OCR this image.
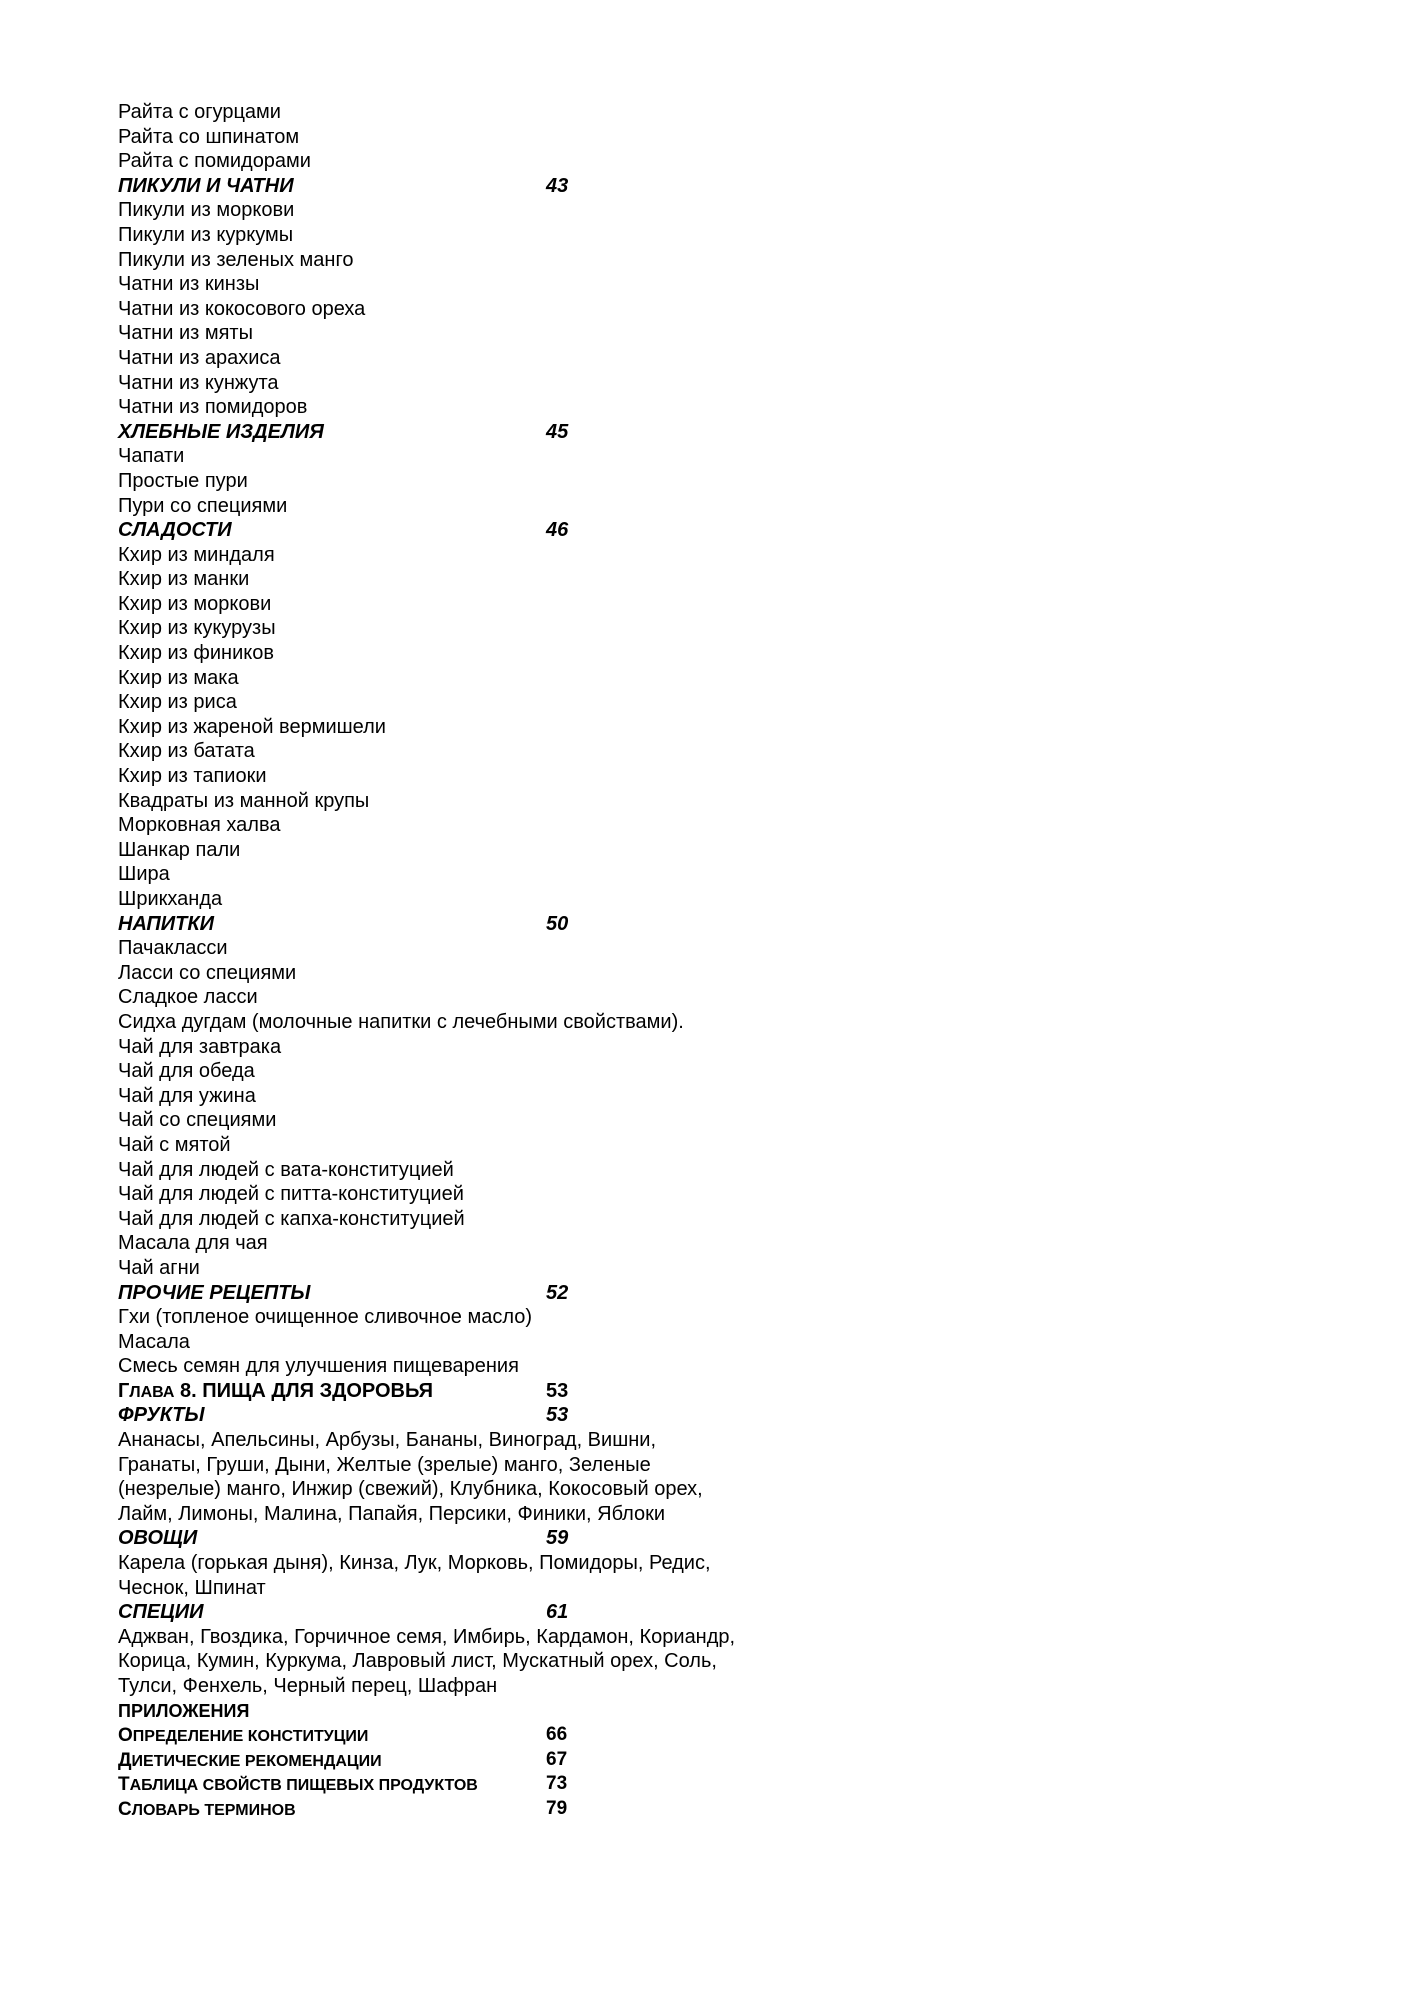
Райта с огурцами
Райта со шпинатом
Райта с помидорами
ПИКУЛИ И ЧАТНИ	43
Пикули из моркови
Пикули из куркумы
Пикули из зеленых манго
Чатни из кинзы
Чатни из кокосового ореха
Чатни из мяты
Чатни из арахиса
Чатни из кунжута
Чатни из помидоров
ХЛЕБНЫЕ ИЗДЕЛИЯ	45
Чапати
Простые пури
Пури со специями
СЛАДОСТИ	46
Кхир из миндаля
Кхир из манки
Кхир из моркови
Кхир из кукурузы
Кхир из фиников
Кхир из мака
Кхир из риса
Кхир из жареной вермишели
Кхир из батата
Кхир из тапиоки
Квадраты из манной крупы
Морковная халва
Шанкар пали
Шира
Шрикханда
НАПИТКИ	50
Пачакласси
Ласси со специями
Сладкое ласси
Сидха дугдам (молочные напитки с лечебными свойствами).
Чай для завтрака
Чай для обеда
Чай для ужина
Чай со специями
Чай с мятой
Чай для людей с вата-конституцией
Чай для людей с питта-конституцией
Чай для людей с капха-конституцией
Масала для чая
Чай агни
ПРОЧИЕ РЕЦЕПТЫ	52
Гхи (топленое очищенное сливочное масло)
Масала
Смесь семян для улучшения пищеварения
ГЛАВА 8. ПИЩА ДЛЯ ЗДОРОВЬЯ	53
ФРУКТЫ	53
Ананасы, Апельсины, Арбузы, Бананы, Виноград, Вишни, Гранаты, Груши, Дыни, Желтые (зрелые) манго, Зеленые (незрелые) манго, Инжир (свежий), Клубника, Кокосовый орех, Лайм, Лимоны, Малина, Папайя, Персики, Финики, Яблоки
ОВОЩИ	59
Карела (горькая дыня), Кинза, Лук, Морковь, Помидоры, Редис, Чеснок, Шпинат
СПЕЦИИ	61
Аджван, Гвоздика, Горчичное семя, Имбирь, Кардамон, Кориандр, Корица, Кумин, Куркума, Лавровый лист, Мускатный орех, Соль, Тулси, Фенхель, Черный перец, Шафран
ПРИЛОЖЕНИЯ
ОПРЕДЕЛЕНИЕ КОНСТИТУЦИИ	66
ДИЕТИЧЕСКИЕ РЕКОМЕНДАЦИИ	67
ТАБЛИЦА СВОЙСТВ ПИЩЕВЫХ ПРОДУКТОВ	73
СЛОВАРЬ ТЕРМИНОВ	79
